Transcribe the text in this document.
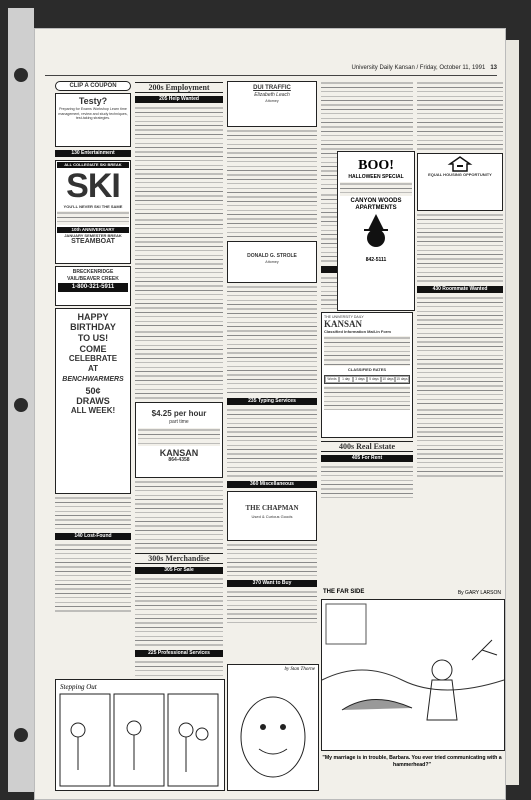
University Daily Kansan / Friday, October 11, 1991 13
CLIP A COUPON
Testy?
Preparing for Exams Workshop Learn time management, review and study techniques, test-taking strategies.
130 Entertainment
ALL COLLEGIATE SKI BREAK
SKI
YOU'LL NEVER SKI THE SAME
10th ANNIVERSARY
JANUARY SEMESTER BREAK
STEAMBOAT
BRECKENRIDGE
VAIL/BEAVER CREEK
1-800-321-5911
HAPPY
BIRTHDAY
TO US!
COME
CELEBRATE
AT
BENCHWARMERS
50¢
DRAWS
ALL WEEK!
140 Lost-Found
200s Employment
205 Help Wanted
$4.25 per hour
part time
KANSAN
864-4358
300s Merchandise
305 For Sale
225 Professional Services
DUI TRAFFIC
Elizabeth Leach
Attorney
DONALD G. STROLE
Attorney
235 Typing Services
360 Miscellaneous
THE CHAPMAN
Used & Curious Goods
370 Want to Buy
THE UNIVERSITY DAILY
KANSAN
Classified Information Mail-in Form
CLASSIFIED RATES
Words	1 day	3 days	5 days	10 days 15 days
400s Real Estate
405 For Rent
EQUAL HOUSING OPPORTUNITY
430 Roommate Wanted
BOO!
HALLOWEEN SPECIAL
CANYON WOODS APARTMENTS
842-5111
Stepping Out
by Stan Thorne
THE FAR SIDE	By GARY LARSON
"My marriage is in trouble, Barbara. You ever tried communicating with a hammerhead?"
